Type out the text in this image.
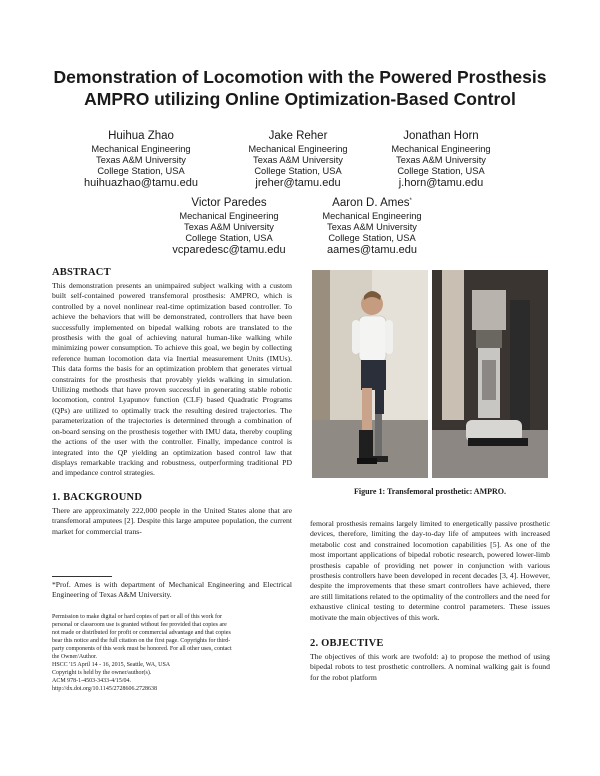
Demonstration of Locomotion with the Powered Prosthesis
AMPRO utilizing Online Optimization-Based Control
Huihua Zhao
Mechanical Engineering
Texas A&M University
College Station, USA
huihuazhao@tamu.edu
Jake Reher
Mechanical Engineering
Texas A&M University
College Station, USA
jreher@tamu.edu
Jonathan Horn
Mechanical Engineering
Texas A&M University
College Station, USA
j.horn@tamu.edu
Victor Paredes
Mechanical Engineering
Texas A&M University
College Station, USA
vcparedesc@tamu.edu
Aaron D. Ames*
Mechanical Engineering
Texas A&M University
College Station, USA
aames@tamu.edu
ABSTRACT

This demonstration presents an unimpaired subject walking with a custom built self-contained powered transfemoral prosthesis: AMPRO, which is controlled by a novel nonlinear real-time optimization based controller. To achieve the behaviors that will be demonstrated, controllers that have been successfully implemented on bipedal walking robots are translated to the prosthesis with the goal of achieving natural human-like walking while minimizing power consumption. To achieve this goal, we begin by collecting reference human locomotion data via Inertial measurement Units (IMUs). This data forms the basis for an optimization problem that generates virtual constraints for the prosthesis that provably yields walking in simulation. Utilizing methods that have proven successful in generating stable robotic locomotion, control Lyapunov function (CLF) based Quadratic Programs (QPs) are utilized to optimally track the resulting desired trajectories. The parameterization of the trajectories is determined through a combination of on-board sensing on the prosthesis together with IMU data, thereby coupling the actions of the user with the controller. Finally, impedance control is integrated into the QP yielding an optimization based control law that displays remarkable tracking and robustness, outperforming traditional PD and impedance control strategies.

1. BACKGROUND

There are approximately 222,000 people in the United States alone that are transfemoral amputees [2]. Despite this large amputee population, the current market for commercial trans-

Figure 1: Transfemoral prosthetic: AMPRO.

femoral prosthesis remains largely limited to energetically passive prosthetic devices, therefore, limiting the day-to-day life of amputees with increased metabolic cost and constrained locomotion capabilities [5]. As one of the most important applications of bipedal robotic research, powered lower-limb prosthesis capable of providing net power in conjunction with various prosthesis controllers have been developed in recent decades [3, 4]. However, despite the improvements that these smart controllers have achieved, there are still limitations related to the optimality of the controllers and the need for exhaustive clinical testing to determine control parameters. These issues motivate the main objectives of this work.

2. OBJECTIVE

The objectives of this work are twofold: a) to propose the method of using bipedal robots to test prosthetic controllers. A nominal walking gait is found for the robot platform

*Prof. Ames is with department of Mechanical Engineering and Electrical Engineering of Texas A&M University.
Permission to make digital or hard copies of part or all of this work for
personal or classroom use is granted without fee provided that copies are
not made or distributed for profit or commercial advantage and that copies
bear this notice and the full citation on the first page. Copyrights for third-
party components of this work must be honored. For all other uses, contact
the Owner/Author.
HSCC '15 April 14 - 16, 2015, Seattle, WA, USA
Copyright is held by the owner/author(s).
ACM 978-1-4503-3433-4/15/04.
http://dx.doi.org/10.1145/2728606.2728638
